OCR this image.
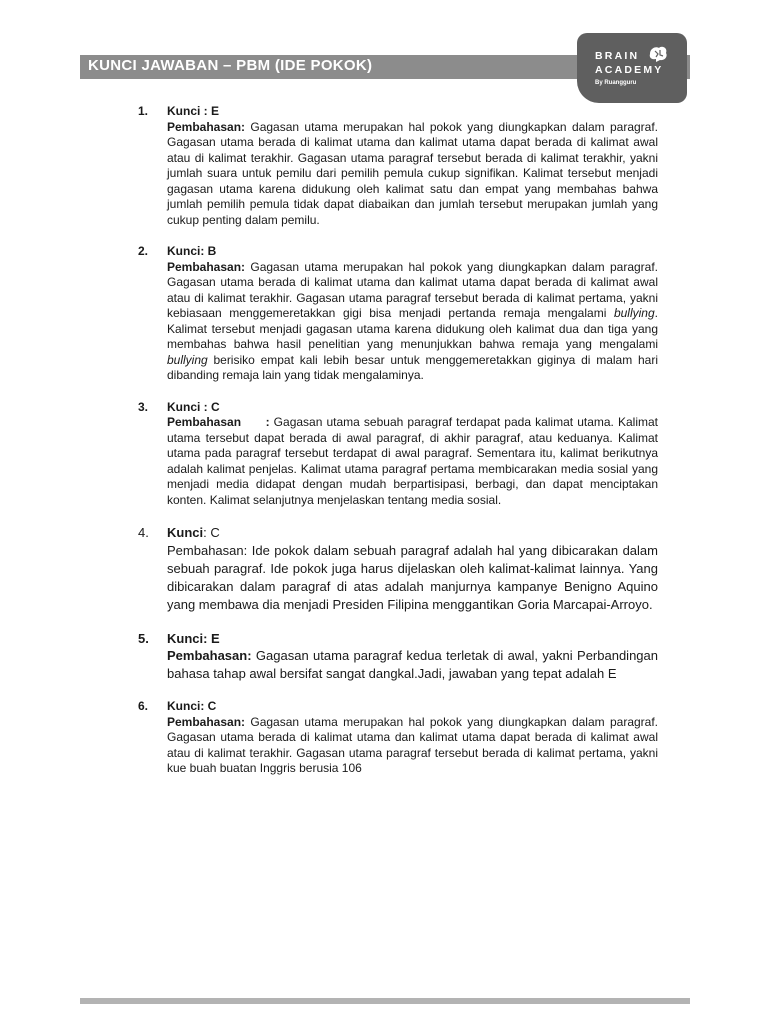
KUNCI JAWABAN – PBM (IDE POKOK)
BRAIN
ACADEMY
By Ruangguru
1. Kunci : E
Pembahasan: Gagasan utama merupakan hal pokok yang diungkapkan dalam paragraf. Gagasan utama berada di kalimat utama dan kalimat utama dapat berada di kalimat awal atau di kalimat terakhir. Gagasan utama paragraf tersebut berada di kalimat terakhir, yakni jumlah suara untuk pemilu dari pemilih pemula cukup signifikan. Kalimat tersebut menjadi gagasan utama karena didukung oleh kalimat satu dan empat yang membahas bahwa jumlah pemilih pemula tidak dapat diabaikan dan jumlah tersebut merupakan jumlah yang cukup penting dalam pemilu.
2. Kunci: B
Pembahasan: Gagasan utama merupakan hal pokok yang diungkapkan dalam paragraf. Gagasan utama berada di kalimat utama dan kalimat utama dapat berada di kalimat awal atau di kalimat terakhir. Gagasan utama paragraf tersebut berada di kalimat pertama, yakni kebiasaan menggemeretakkan gigi bisa menjadi pertanda remaja mengalami bullying. Kalimat tersebut menjadi gagasan utama karena didukung oleh kalimat dua dan tiga yang membahas bahwa hasil penelitian yang menunjukkan bahwa remaja yang mengalami bullying berisiko empat kali lebih besar untuk menggemeretakkan giginya di malam hari dibanding remaja lain yang tidak mengalaminya.
3. Kunci : C
Pembahasan      : Gagasan utama sebuah paragraf terdapat pada kalimat utama. Kalimat utama tersebut dapat berada di awal paragraf, di akhir paragraf, atau keduanya. Kalimat utama pada paragraf tersebut terdapat di awal paragraf. Sementara itu, kalimat berikutnya adalah kalimat penjelas. Kalimat utama paragraf pertama membicarakan media sosial yang menjadi media didapat dengan mudah berpartisipasi, berbagi, dan dapat menciptakan konten. Kalimat selanjutnya menjelaskan tentang media sosial.
4. Kunci: C
Pembahasan: Ide pokok dalam sebuah paragraf adalah hal yang dibicarakan dalam sebuah paragraf. Ide pokok juga harus dijelaskan oleh kalimat-kalimat lainnya. Yang dibicarakan dalam paragraf di atas adalah manjurnya kampanye Benigno Aquino yang membawa dia menjadi Presiden Filipina menggantikan Goria Marcapai-Arroyo.
5. Kunci: E
Pembahasan: Gagasan utama paragraf kedua terletak di awal, yakni Perbandingan bahasa tahap awal bersifat sangat dangkal.Jadi, jawaban yang tepat adalah E
6. Kunci: C
Pembahasan: Gagasan utama merupakan hal pokok yang diungkapkan dalam paragraf. Gagasan utama berada di kalimat utama dan kalimat utama dapat berada di kalimat awal atau di kalimat terakhir. Gagasan utama paragraf tersebut berada di kalimat pertama, yakni kue buah buatan Inggris berusia 106
